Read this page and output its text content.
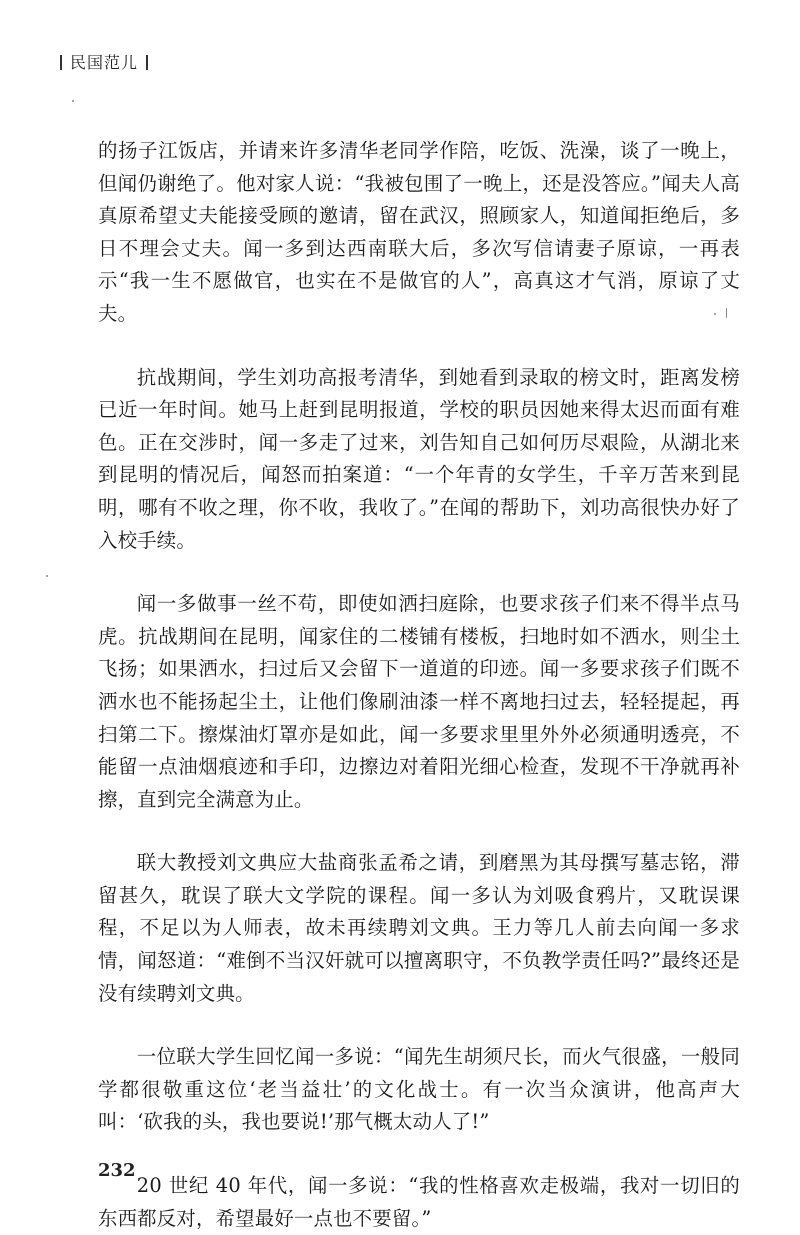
民国范儿

的扬子江饭店，并请来许多清华老同学作陪，吃饭、洗澡，谈了一晚上，但闻仍谢绝了。他对家人说：“我被包围了一晚上，还是没答应。”闻夫人高真原希望丈夫能接受顾的邀请，留在武汉，照顾家人，知道闻拒绝后，多日不理会丈夫。闻一多到达西南联大后，多次写信请妻子原谅，一再表示“我一生不愿做官，也实在不是做官的人”，高真这才气消，原谅了丈夫。

抗战期间，学生刘功高报考清华，到她看到录取的榜文时，距离发榜已近一年时间。她马上赶到昆明报道，学校的职员因她来得太迟而面有难色。正在交涉时，闻一多走了过来，刘告知自己如何历尽艰险，从湖北来到昆明的情况后，闻怒而拍案道：“一个年青的女学生，千辛万苦来到昆明，哪有不收之理，你不收，我收了。”在闻的帮助下，刘功高很快办好了入校手续。

闻一多做事一丝不苟，即使如洒扫庭除，也要求孩子们来不得半点马虎。抗战期间在昆明，闻家住的二楼铺有楼板，扫地时如不洒水，则尘土飞扬；如果洒水，扫过后又会留下一道道的印迹。闻一多要求孩子们既不洒水也不能扬起尘土，让他们像刷油漆一样不离地扫过去，轻轻提起，再扫第二下。擦煤油灯罩亦是如此，闻一多要求里里外外必须通明透亮，不能留一点油烟痕迹和手印，边擦边对着阳光细心检查，发现不干净就再补擦，直到完全满意为止。

联大教授刘文典应大盐商张孟希之请，到磨黑为其母撰写墓志铭，滞留甚久，耽误了联大文学院的课程。闻一多认为刘吸食鸦片，又耽误课程，不足以为人师表，故未再续聘刘文典。王力等几人前去向闻一多求情，闻怒道：“难倒不当汉奸就可以擅离职守，不负教学责任吗?”最终还是没有续聘刘文典。

一位联大学生回忆闻一多说：“闻先生胡须尺长，而火气很盛，一般同学都很敬重这位‘老当益壮’的文化战士。有一次当众演讲，他高声大叫：‘砍我的头，我也要说!’那气概太动人了!”

20 世纪 40 年代，闻一多说：“我的性格喜欢走极端，我对一切旧的东西都反对，希望最好一点也不要留。”

232
